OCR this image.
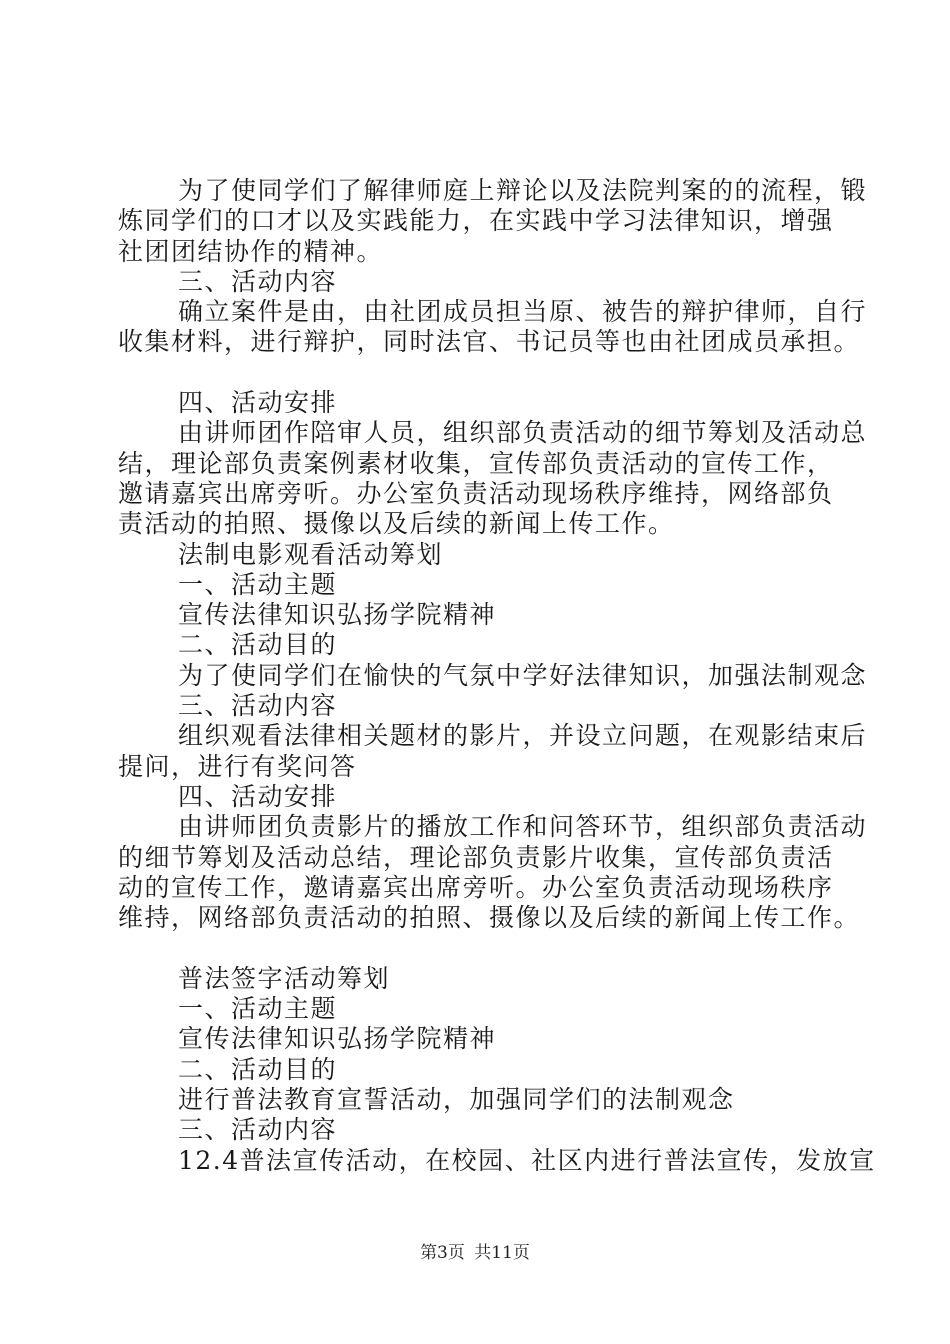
为了使同学们了解律师庭上辩论以及法院判案的的流程，锻
炼同学们的口才以及实践能力，在实践中学习法律知识，增强
社团团结协作的精神。
三、活动内容
确立案件是由，由社团成员担当原、被告的辩护律师，自行
收集材料，进行辩护，同时法官、书记员等也由社团成员承担。
四、活动安排
由讲师团作陪审人员，组织部负责活动的细节筹划及活动总
结，理论部负责案例素材收集，宣传部负责活动的宣传工作，
邀请嘉宾出席旁听。办公室负责活动现场秩序维持，网络部负
责活动的拍照、摄像以及后续的新闻上传工作。
法制电影观看活动筹划
一、活动主题
宣传法律知识弘扬学院精神
二、活动目的
为了使同学们在愉快的气氛中学好法律知识，加强法制观念
三、活动内容
组织观看法律相关题材的影片，并设立问题，在观影结束后
提问，进行有奖问答
四、活动安排
由讲师团负责影片的播放工作和问答环节，组织部负责活动
的细节筹划及活动总结，理论部负责影片收集，宣传部负责活
动的宣传工作，邀请嘉宾出席旁听。办公室负责活动现场秩序
维持，网络部负责活动的拍照、摄像以及后续的新闻上传工作。
普法签字活动筹划
一、活动主题
宣传法律知识弘扬学院精神
二、活动目的
进行普法教育宣誓活动，加强同学们的法制观念
三、活动内容
12.4普法宣传活动，在校园、社区内进行普法宣传，发放宣
第3页 共11页
